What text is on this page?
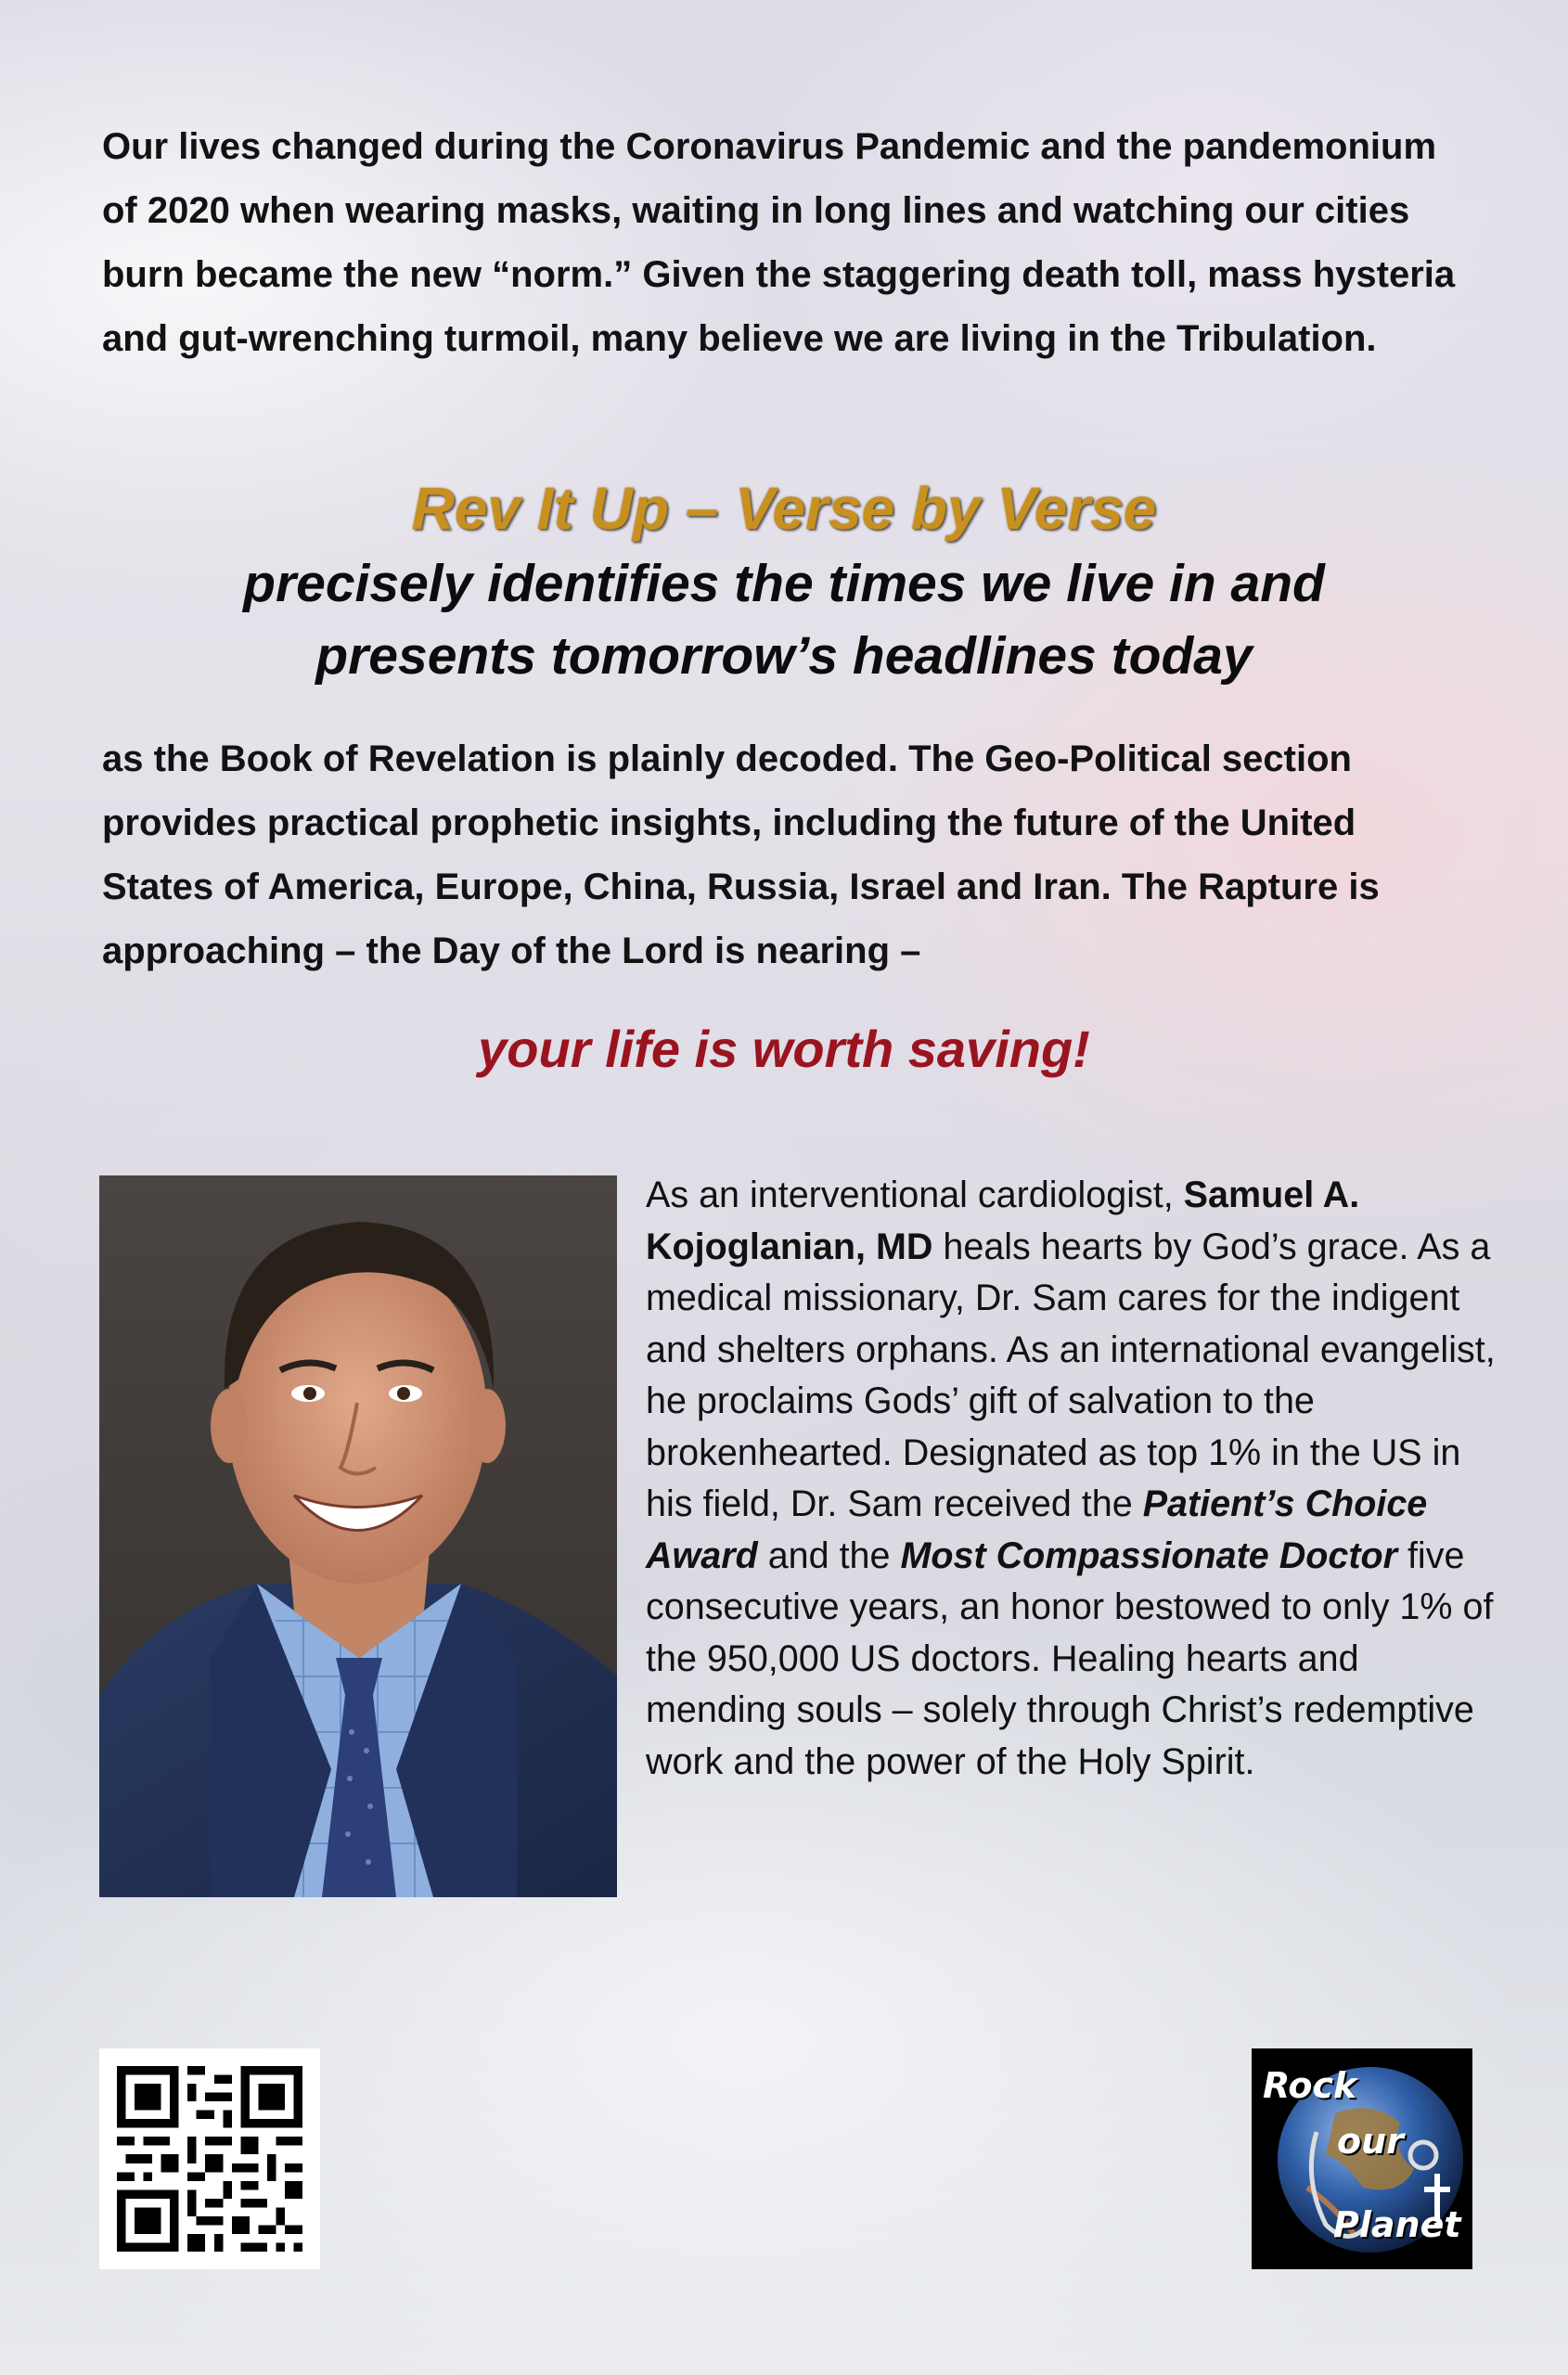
Our lives changed during the Coronavirus Pandemic and the pandemonium of 2020 when wearing masks, waiting in long lines and watching our cities burn became the new “norm.” Given the staggering death toll, mass hysteria and gut-wrenching turmoil, many believe we are living in the Tribulation.

Rev It Up – Verse by Verse
precisely identifies the times we live in and
presents tomorrow’s headlines today

as the Book of Revelation is plainly decoded. The Geo-Political section provides practical prophetic insights, including the future of the United States of America, Europe, China, Russia, Israel and Iran. The Rapture is approaching – the Day of the Lord is nearing –

your life is worth saving!

As an interventional cardiologist, Samuel A. Kojoglanian, MD heals hearts by God’s grace. As a medical missionary, Dr. Sam cares for the indigent and shelters orphans. As an international evangelist, he proclaims Gods’ gift of salvation to the brokenhearted. Designated as top 1% in the US in his field, Dr. Sam received the Patient’s Choice Award and the Most Compassionate Doctor five consecutive years, an honor bestowed to only 1% of the 950,000 US doctors. Healing hearts and mending souls – solely through Christ’s redemptive work and the power of the Holy Spirit.

Rock
our
Planet
